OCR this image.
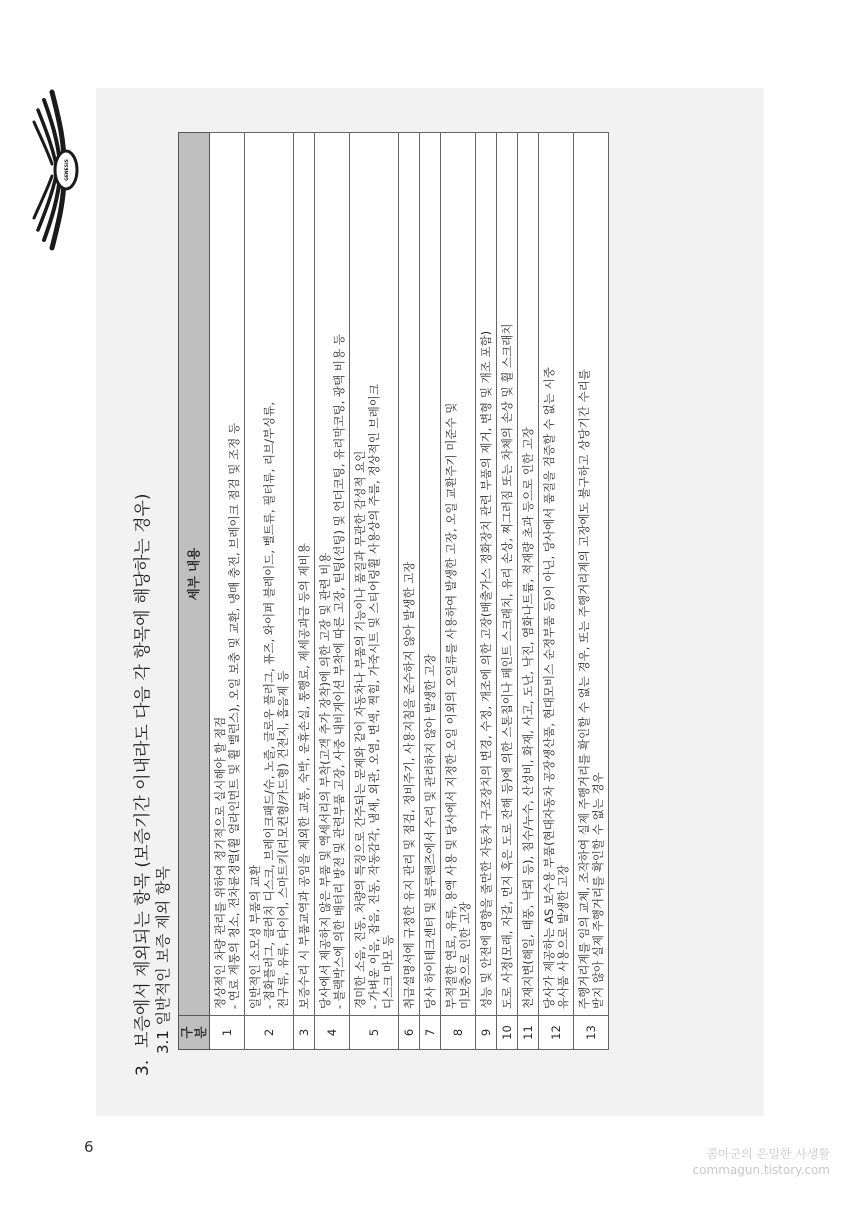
GENESIS
6	콤마군의 은밀한 사생활
commagun.tistory.com
3.보증에서 제외되는 항목 (보증기간 이내라도 다음 각 항목에 해당하는 경우) 3.1 일반적인 보증 제외 항목 구 분	세부 내용
1	정상적인 차량 관리를 위하여 정기적으로 실시해야 할 점검 - 연료 계통의 청소, 전차륜정렬(휠 얼라인먼트 및 휠 밸런스), 오일 보충 및 교환, 냉매 충전, 브레이크 점검 및 조정 등

2	일반적인 소모성 부품의 교환 - 점화플러그, 클러치 디스크, 브레이크패드/슈, 노즐, 글로우 플러그, 퓨즈, 와이퍼 블레이드, 벨트류, 필터류, 리브/부싱류, 전구류, 유류, 타이어, 스마트키(리모컨형/카드형) 건전지, 흡음제 등

3	보증수리 시 부품교역과 공임을 제외한 교통, 숙박, 운휴손실, 통행료, 제세공과금 등의 제비용

4	당사에서 제공하지 않은 부품 및 액세서리의 부착(고객 추가 장착)에 의한 고장 및 관련 비용 - 블랙박스에 의한 배터리 방전 및 관련부품 고장, 사중 내비게이션 부착에 따른 고장, 틴팅(선팅) 및 언더코팅, 유리막코팅, 광택 비용 등

5	경미한 소음, 진동, 차량의 특징으로 간주되는 문제와 같이 자동차나 부품의 기능이나 품질과 무관한 감성적 요인 - 가벼운 이음, 잡음, 진동, 작동감각, 냄새, 외관, 오염, 변색, 찍힘, 가죽시트 및 스티어링휠 사용상의 주름, 정상적인 브레이크 디스크 마모 등

6	취급설명서에 규정한 유지 관리 및 점검, 정비주기, 사용지침을 준수하지 않아 발생한 고장

7	당사 하이테크센터 및 블루핸즈에서 수리 및 관리하지 않아 발생한 고장

8	부적절한 연료, 유류, 용액 사용 및 당사에서 지정한 오일 이외의 오일류를 사용하여 발생한 고장, 오일 교환주기 미준수 및 미보충으로 인한 고장

9	성능 및 안전에 영향을 줄만한 자동차 구조장치의 변경, 수정, 개조에 의한 고장(배출가스 정화장치 관련 부품의 제거, 변형 및 개조 포함)

10	도로 사정(모래, 자갈, 먼지 혹은 도로 잔해 등)에 의한 스톤칩이나 페인트 스크래치, 유리 손상, 찌그러짐 또는 차체의 손상 및 휠 스크래치

11	천재지변(해일, 태풍, 낙뢰 등), 침수/누수, 산성비, 화재, 사고, 도난, 낙진, 염화나트륨, 적재량 초과 등으로 인한 고장

12	당사가 제공하는 AS 보수용 부품(현대자동차 공장생산품, 현대모비스 순정부품 등)이 아닌, 당사에서 품질을 검증할 수 없는 시중 유사품 사용으로 발생한 고장

13	주행거리계를 임의 교체, 조작하여 실제 주행거리를 확인할 수 없는 경우, 또는 주행거리계의 고장에도 불구하고 상당기간 수리를 받지 않아 실제 주행거리를 확인할 수 없는 경우
